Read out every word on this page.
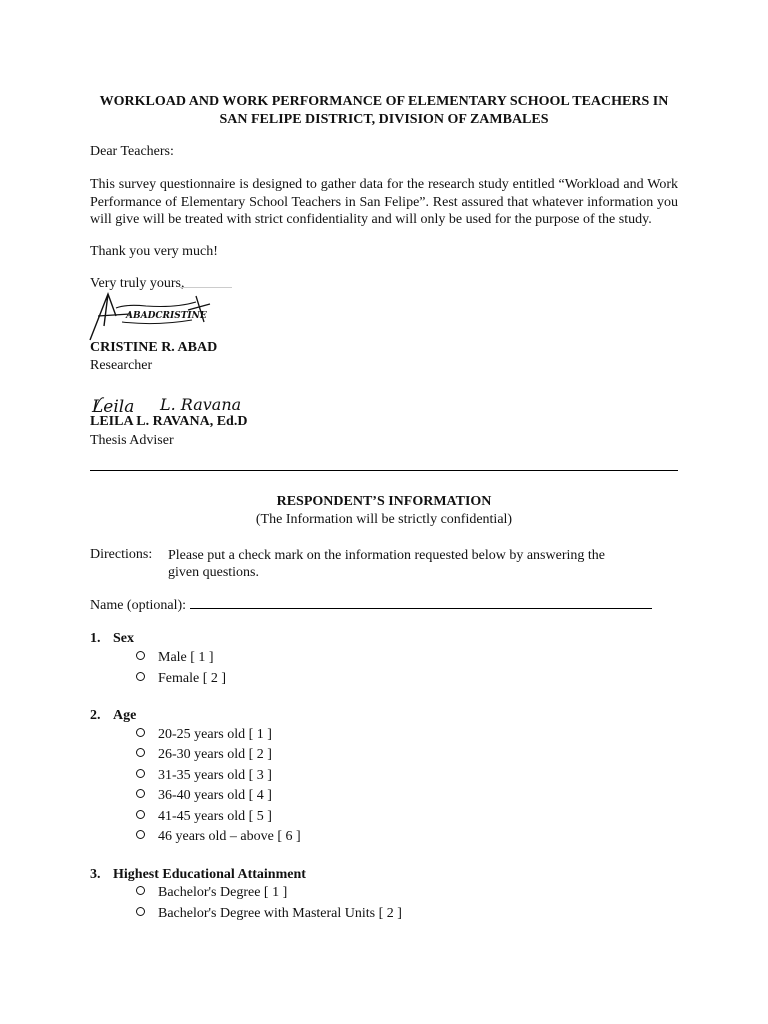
WORKLOAD AND WORK PERFORMANCE OF ELEMENTARY SCHOOL TEACHERS IN
SAN FELIPE DISTRICT, DIVISION OF ZAMBALES
Dear Teachers:
This survey questionnaire is designed to gather data for the research study entitled “Workload and Work Performance of Elementary School Teachers in San Felipe”. Rest assured that whatever information you will give will be treated with strict confidentiality and will only be used for the purpose of the study.
Thank you very much!
Very truly yours,
ABADCRISTINE
CRISTINE R. ABAD
Researcher
Leila L. Ravana
LEILA L. RAVANA, Ed.D
Thesis Adviser
RESPONDENT’S INFORMATION
(The Information will be strictly confidential)
Directions: Please put a check mark on the information requested below by answering the
given questions.
Name (optional):
1. Sex
Male [ 1 ]
Female [ 2 ]
2. Age
20-25 years old [ 1 ]
26-30 years old [ 2 ]
31-35 years old [ 3 ]
36-40 years old [ 4 ]
41-45 years old [ 5 ]
46 years old – above [ 6 ]
3. Highest Educational Attainment
Bachelor's Degree [ 1 ]
Bachelor's Degree with Masteral Units [ 2 ]
